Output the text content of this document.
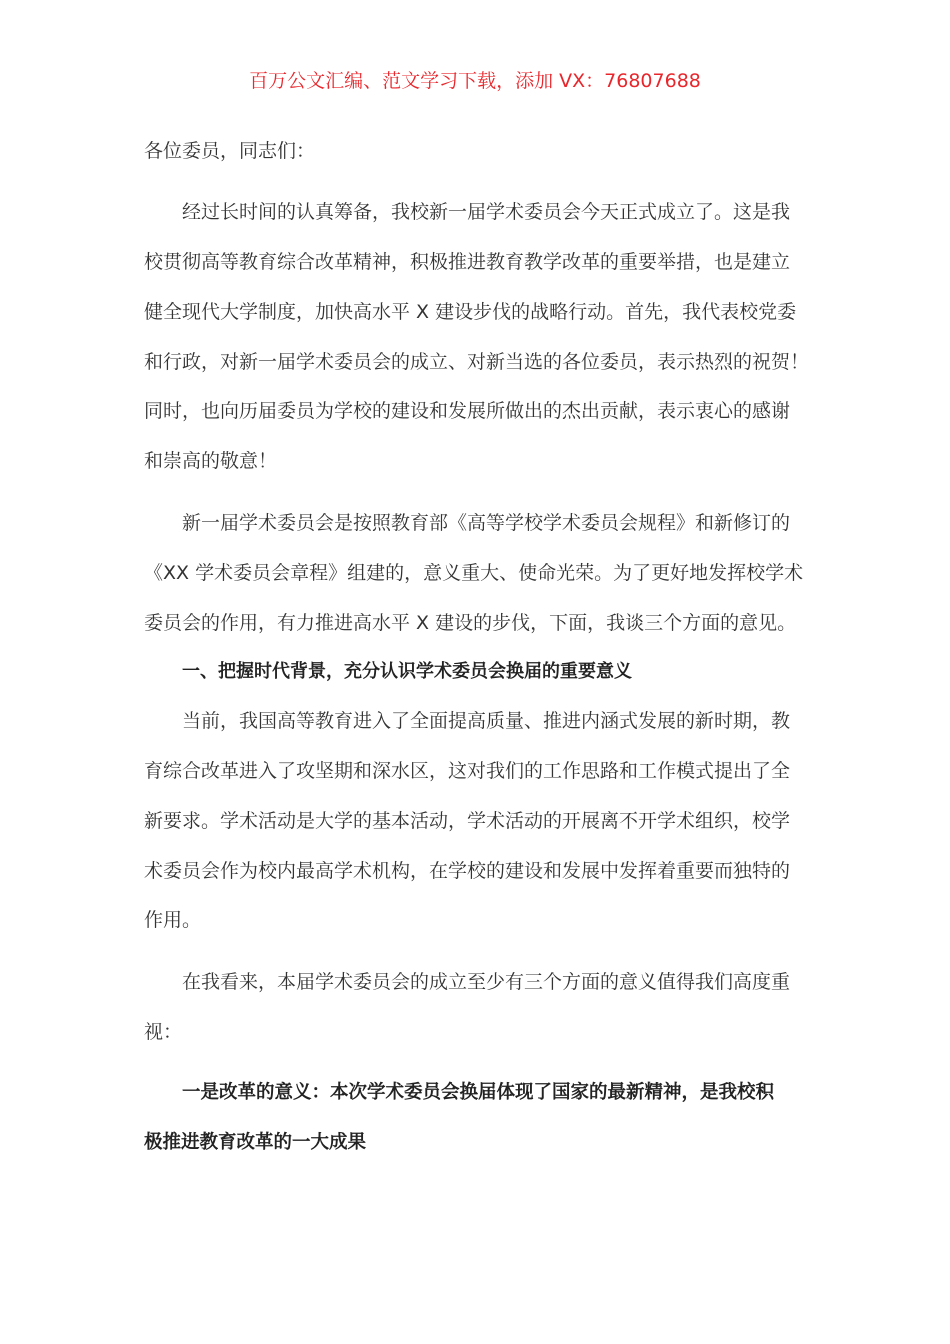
百万公文汇编、范文学习下载，添加 VX：76807688
各位委员，同志们：
经过长时间的认真筹备，我校新一届学术委员会今天正式成立了。这是我
校贯彻高等教育综合改革精神，积极推进教育教学改革的重要举措，也是建立
健全现代大学制度，加快高水平 X 建设步伐的战略行动。首先，我代表校党委
和行政，对新一届学术委员会的成立、对新当选的各位委员，表示热烈的祝贺！
同时，也向历届委员为学校的建设和发展所做出的杰出贡献，表示衷心的感谢
和崇高的敬意！
新一届学术委员会是按照教育部《高等学校学术委员会规程》和新修订的
《XX 学术委员会章程》组建的，意义重大、使命光荣。为了更好地发挥校学术
委员会的作用，有力推进高水平 X 建设的步伐，下面，我谈三个方面的意见。
一、把握时代背景，充分认识学术委员会换届的重要意义
当前，我国高等教育进入了全面提高质量、推进内涵式发展的新时期，教
育综合改革进入了攻坚期和深水区，这对我们的工作思路和工作模式提出了全
新要求。学术活动是大学的基本活动，学术活动的开展离不开学术组织，校学
术委员会作为校内最高学术机构，在学校的建设和发展中发挥着重要而独特的
作用。
在我看来，本届学术委员会的成立至少有三个方面的意义值得我们高度重
视：
一是改革的意义：本次学术委员会换届体现了国家的最新精神，是我校积
极推进教育改革的一大成果
